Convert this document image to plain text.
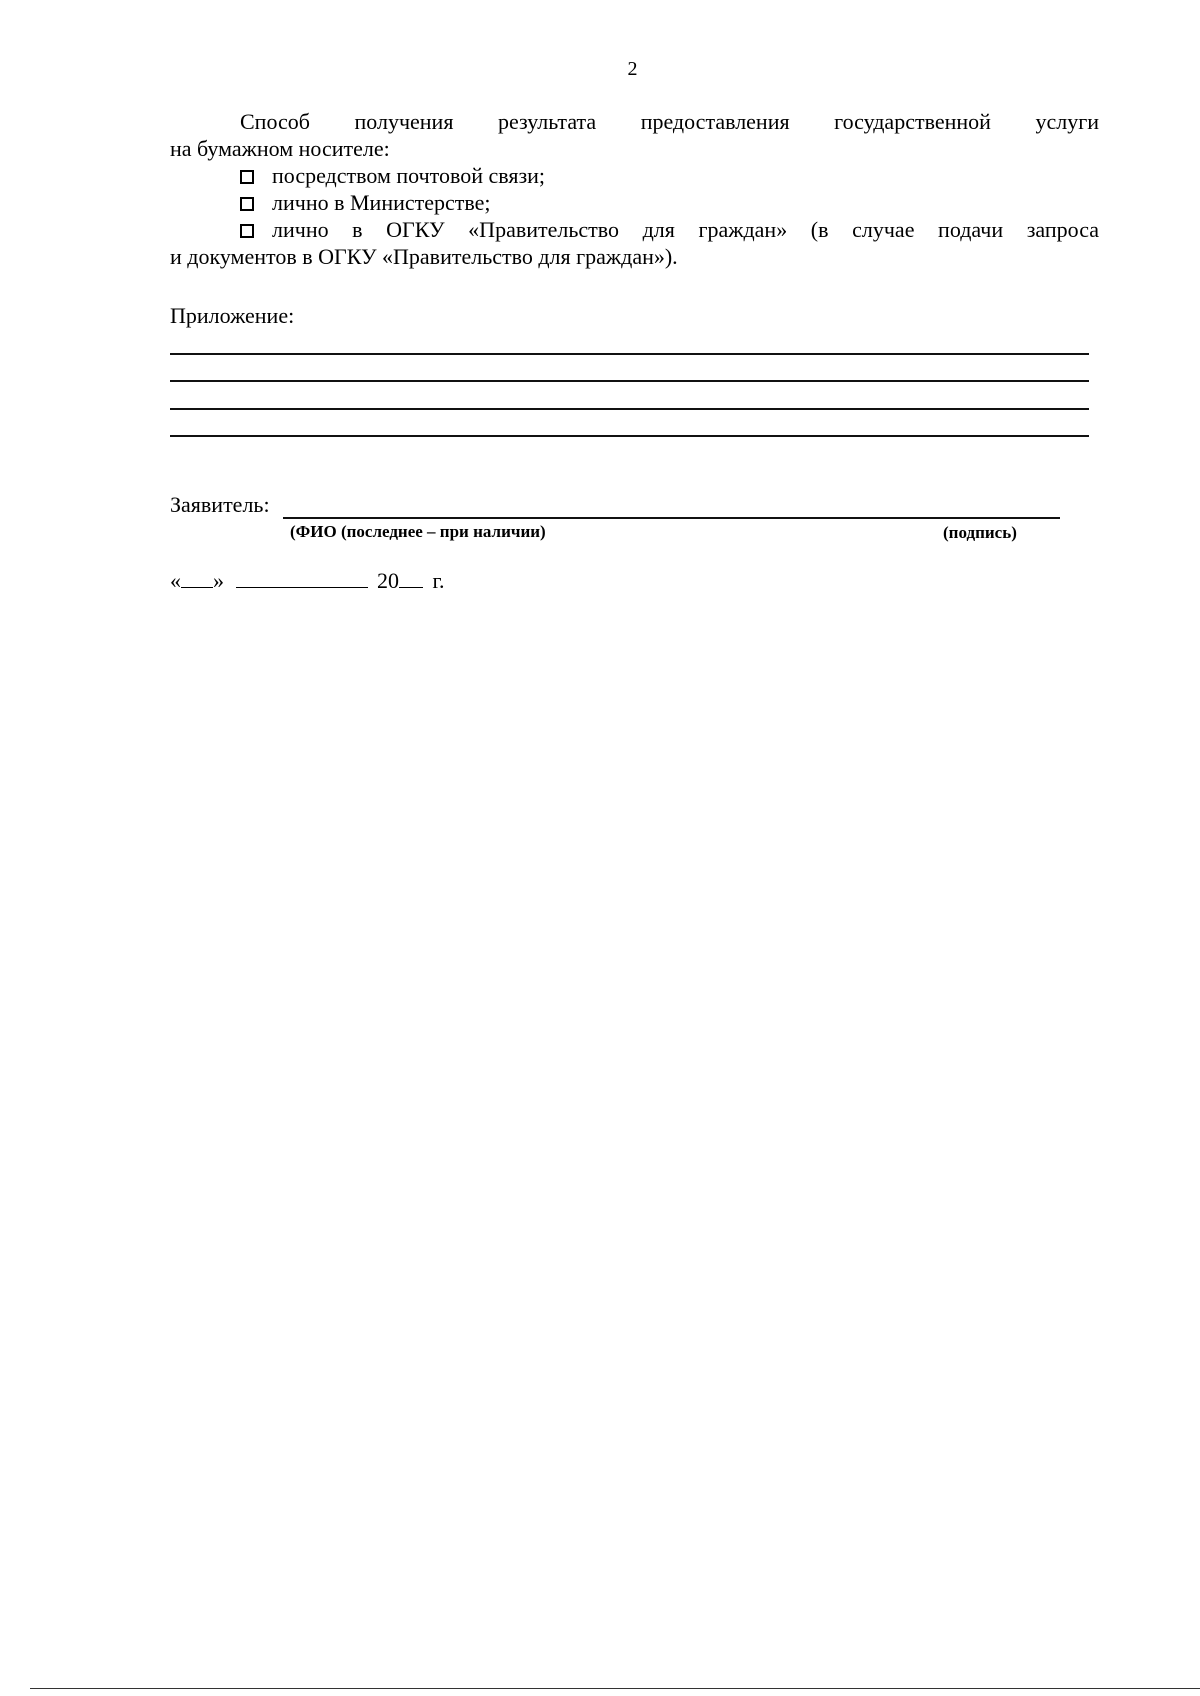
2

Способ получения результата предоставления государственной услуги

на бумажном носителе:

посредством почтовой связи;
лично в Министерстве;
лично в ОГКУ «Правительство для граждан» (в случае подачи запроса
и документов в ОГКУ «Правительство для граждан»).
Приложение:
Заявитель:
(ФИО (последнее – при наличии)	(подпись)
« »	20 г.
